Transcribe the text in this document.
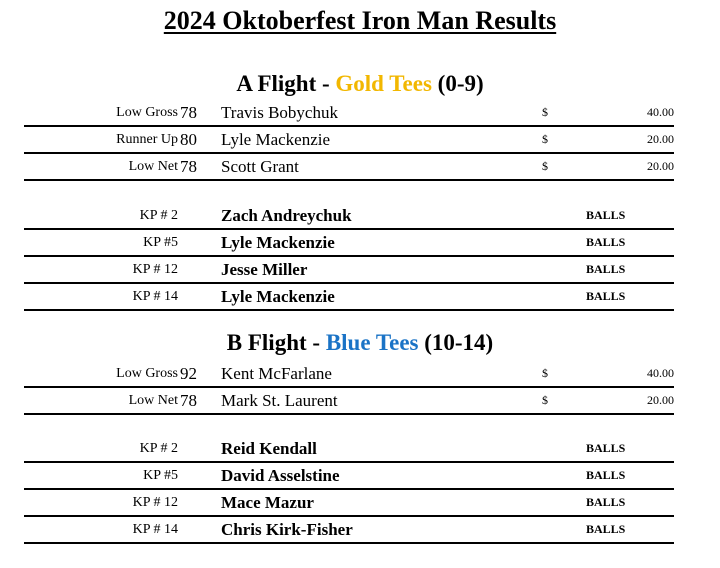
2024 Oktoberfest Iron Man Results
A Flight - Gold Tees (0-9)
Low Gross 78 Travis Bobychuk	$	40.00
Runner Up 80 Lyle Mackenzie	$	20.00
Low Net 78 Scott Grant	$	20.00
KP # 2	Zach Andreychuk	BALLS
KP #5	Lyle Mackenzie	BALLS
KP # 12	Jesse Miller	BALLS
KP # 14	Lyle Mackenzie	BALLS
B Flight - Blue Tees (10-14)
Low Gross 92 Kent McFarlane	$	40.00
Low Net 78 Mark St. Laurent	$	20.00
KP # 2	Reid Kendall	BALLS
KP #5	David Asselstine	BALLS
KP # 12	Mace Mazur	BALLS
KP # 14	Chris Kirk-Fisher	BALLS
